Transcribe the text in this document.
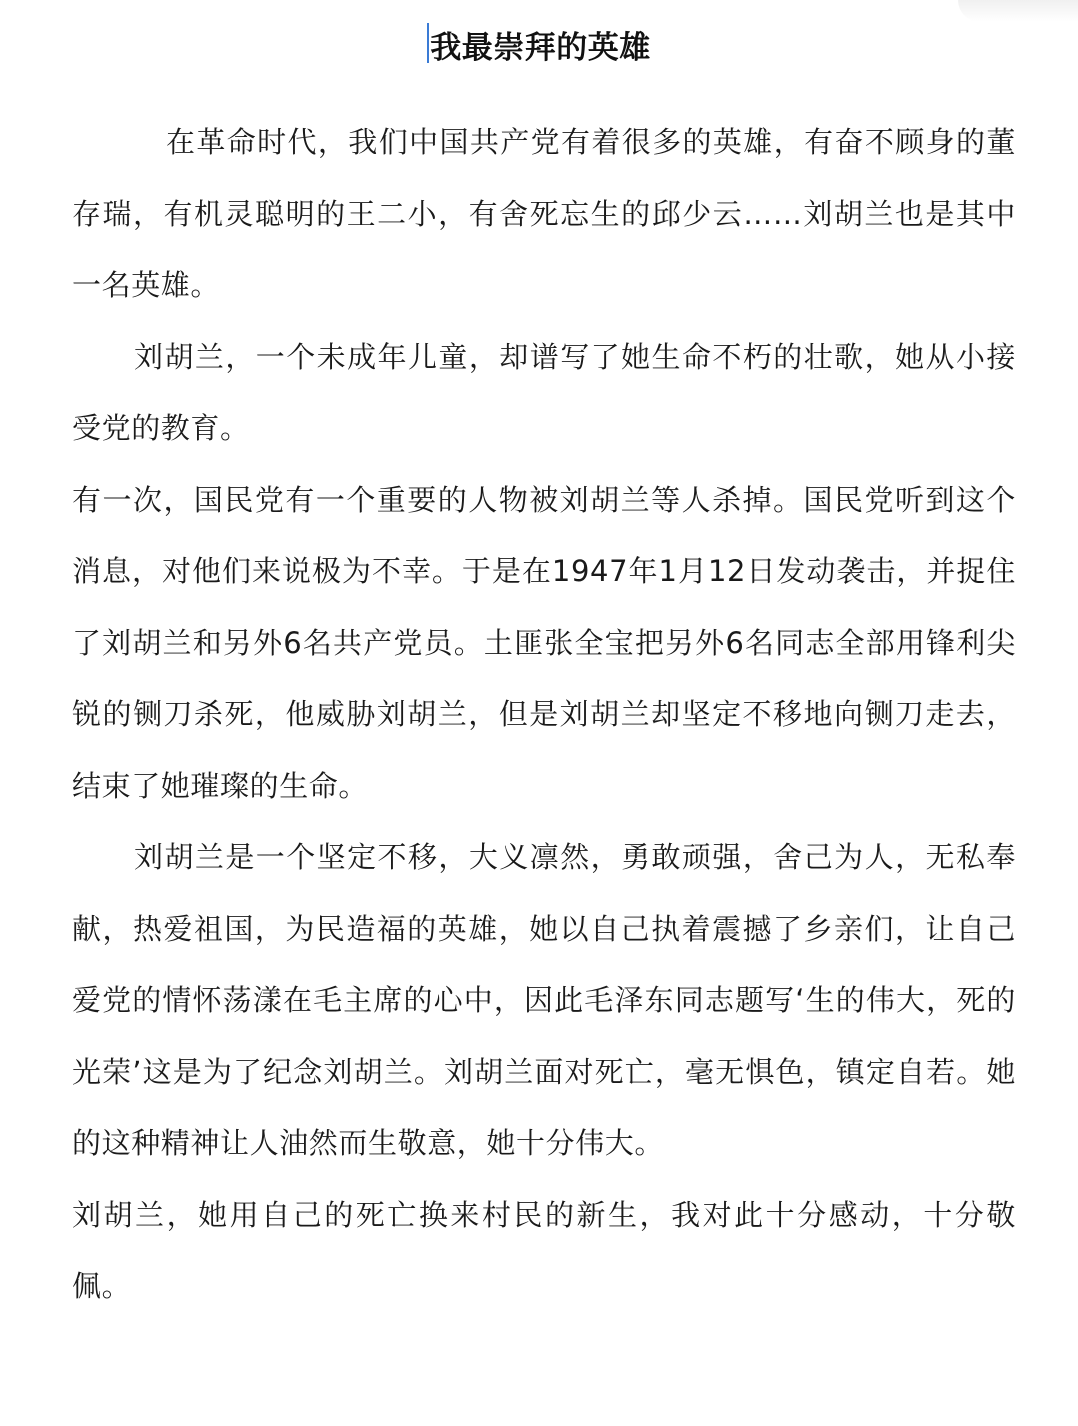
我最崇拜的英雄

在革命时代，我们中国共产党有着很多的英雄，有奋不顾身的董存瑞，有机灵聪明的王二小，有舍死忘生的邱少云……刘胡兰也是其中一名英雄。

刘胡兰，一个未成年儿童，却谱写了她生命不朽的壮歌，她从小接受党的教育。

有一次，国民党有一个重要的人物被刘胡兰等人杀掉。国民党听到这个消息，对他们来说极为不幸。于是在1947年1月12日发动袭击，并捉住了刘胡兰和另外6名共产党员。土匪张全宝把另外6名同志全部用锋利尖锐的铡刀杀死，他威胁刘胡兰，但是刘胡兰却坚定不移地向铡刀走去，结束了她璀璨的生命。

刘胡兰是一个坚定不移，大义凛然，勇敢顽强，舍己为人，无私奉献，热爱祖国，为民造福的英雄，她以自己执着震撼了乡亲们，让自己爱党的情怀荡漾在毛主席的心中，因此毛泽东同志题写‘生的伟大，死的光荣’这是为了纪念刘胡兰。刘胡兰面对死亡，毫无惧色，镇定自若。她的这种精神让人油然而生敬意，她十分伟大。

刘胡兰，她用自己的死亡换来村民的新生，我对此十分感动，十分敬佩。
